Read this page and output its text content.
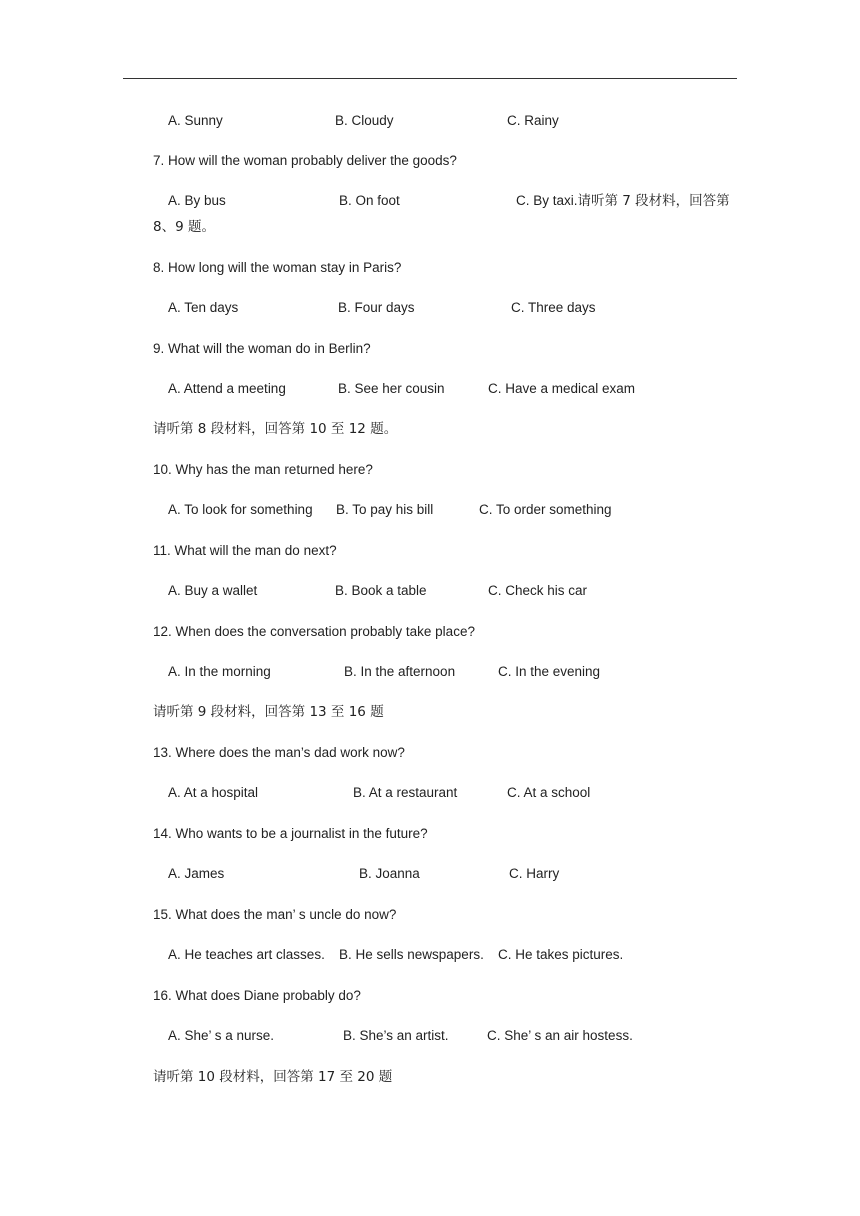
A. Sunny	B. Cloudy	C. Rainy
7. How will the woman probably deliver the goods?
A. By bus	B. On foot	C. By taxi.请听第 7 段材料，回答第
8、9 题。
8. How long will the woman stay in Paris?
A. Ten days	B. Four days	C. Three days
9. What will the woman do in Berlin?
A. Attend a meeting	B. See her cousin	C. Have a medical exam
请听第 8 段材料，回答第 10 至 12 题。
10. Why has the man returned here?
A. To look for something B. To pay his bill	C. To order something
11. What will the man do next?
A. Buy a wallet	B. Book a table	C. Check his car
12. When does the conversation probably take place?
A. In the morning	B. In the afternoon	C. In the evening
请听第 9 段材料，回答第 13 至 16 题
13. Where does the man’s dad work now?
A. At a hospital	B. At a restaurant	C. At a school
14. Who wants to be a journalist in the future?
A. James	B. Joanna	C. Harry
15. What does the man’ s uncle do now?
A. He teaches art classes. B. He sells newspapers. C. He takes pictures.
16. What does Diane probably do?
A. She’ s a nurse.	B. She’s an artist.	C. She’ s an air hostess.
请听第 10 段材料，回答第 17 至 20 题
